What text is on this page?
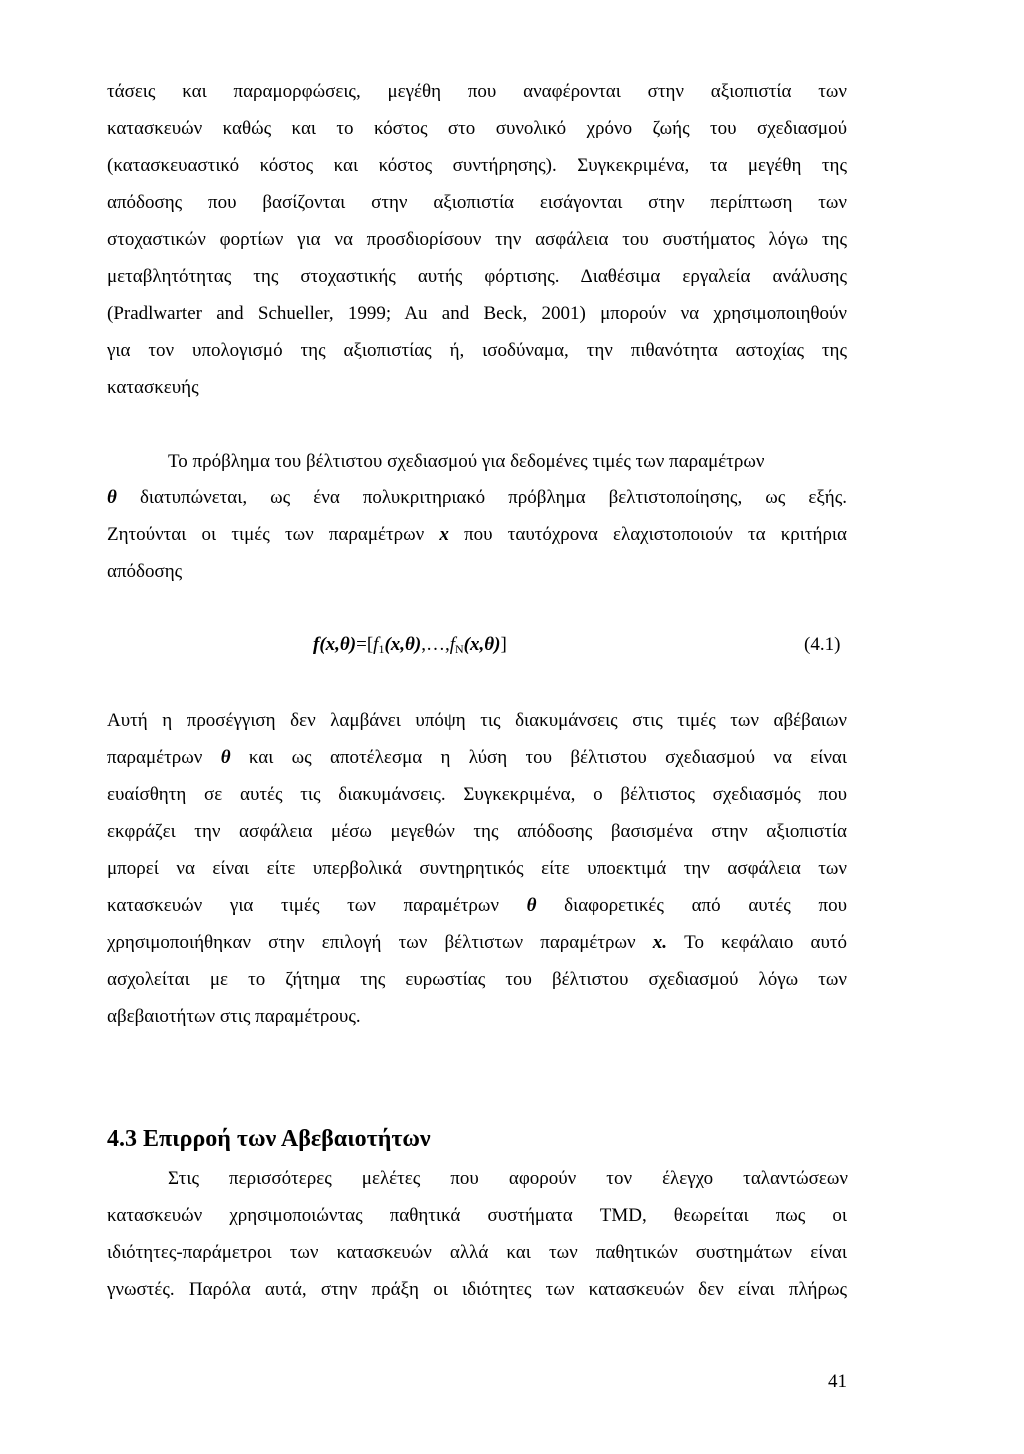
τάσεις και παραμορφώσεις, μεγέθη που αναφέρονται στην αξιοπιστία των
κατασκευών καθώς και το κόστος στο συνολικό χρόνο ζωής του σχεδιασμού
(κατασκευαστικό κόστος και κόστος συντήρησης). Συγκεκριμένα, τα μεγέθη της
απόδοσης που βασίζονται στην αξιοπιστία εισάγονται στην περίπτωση των
στοχαστικών φορτίων για να προσδιορίσουν την ασφάλεια του συστήματος λόγω της
μεταβλητότητας της στοχαστικής αυτής φόρτισης. Διαθέσιμα εργαλεία ανάλυσης
(Pradlwarter and Schueller, 1999; Au and Beck, 2001) μπορούν να χρησιμοποιηθούν
για τον υπολογισμό της αξιοπιστίας ή, ισοδύναμα, την πιθανότητα αστοχίας της
κατασκευής
Το πρόβλημα του βέλτιστου σχεδιασμού για δεδομένες τιμές των παραμέτρων
θ διατυπώνεται, ως ένα πολυκριτηριακό πρόβλημα βελτιστοποίησης, ως εξής.
Ζητούνται οι τιμές των παραμέτρων x που ταυτόχρονα ελαχιστοποιούν τα κριτήρια
απόδοσης
$f(x,\theta)=[f_1(x,\theta),\dots,f_N(x,\theta)]$	(4.1)
Αυτή η προσέγγιση δεν λαμβάνει υπόψη τις διακυμάνσεις στις τιμές των αβέβαιων
παραμέτρων θ και ως αποτέλεσμα η λύση του βέλτιστου σχεδιασμού να είναι
ευαίσθητη σε αυτές τις διακυμάνσεις. Συγκεκριμένα, ο βέλτιστος σχεδιασμός που
εκφράζει την ασφάλεια μέσω μεγεθών της απόδοσης βασισμένα στην αξιοπιστία
μπορεί να είναι είτε υπερβολικά συντηρητικός είτε υποεκτιμά την ασφάλεια των
κατασκευών για τιμές των παραμέτρων θ διαφορετικές από αυτές που
χρησιμοποιήθηκαν στην επιλογή των βέλτιστων παραμέτρων x. Το κεφάλαιο αυτό
ασχολείται με το ζήτημα της ευρωστίας του βέλτιστου σχεδιασμού λόγω των
αβεβαιοτήτων στις παραμέτρους.
4.3 Επιρροή των Αβεβαιοτήτων
Στις περισσότερες μελέτες που αφορούν τον έλεγχο ταλαντώσεων
κατασκευών χρησιμοποιώντας παθητικά συστήματα TMD, θεωρείται πως οι
ιδιότητες-παράμετροι των κατασκευών αλλά και των παθητικών συστημάτων είναι
γνωστές. Παρόλα αυτά, στην πράξη οι ιδιότητες των κατασκευών δεν είναι πλήρως
41
